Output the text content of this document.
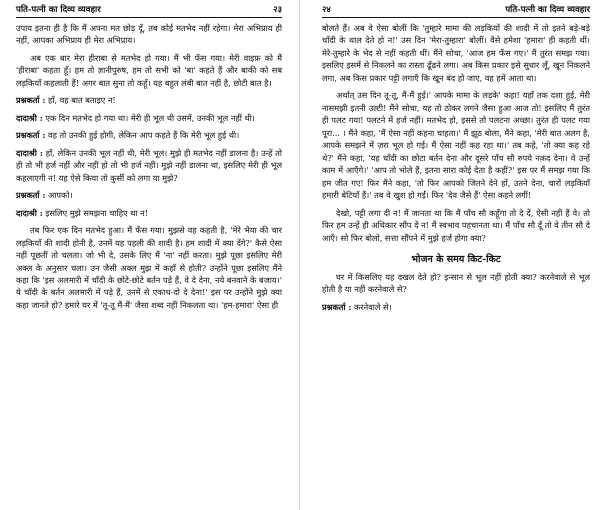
पति-पत्नी का दिव्य व्यवहार	२३

उपाय इतना ही है कि मैं अपना मत छोड़ दूँ, तब कोई मतभेद नहीं रहेगा। मेरा अभिप्राय ही नहीं, आपका अभिप्राय ही मेरा अभिप्राय।

अब एक बार मेरा हीराबा से मतभेद हो गया। मैं भी फँस गया। मेरी वाइफ़ को मैं 'हीराबा' कहता हूँ। हम तो ज्ञानीपुरुष, हम तो सभी को 'बा' कहते हैं और बाकी को सब लड़कियाँ कहलाती हैं! अगर बात सुना तो कहूँ। यह बहुत लंबी बात नहीं है, छोटी बात है।

प्रश्नकर्ता : हाँ, वह बात बताइए न!

दादाश्री : एक दिन मतभेद हो गया था। मेरी ही भूल थी उसमें, उनकी भूल नहीं थी।

प्रश्नकर्ता : वह तो उनकी हुई होगी, लेकिन आप कहते हैं कि मेरी भूल हुई थी।

दादाश्री : हाँ, लेकिन उनकी भूल नहीं थी, मेरी भूल। मुझे ही मतभेद नहीं डालना है। उन्हें तो ही तो भी हर्ज नहीं और नहीं हो तो भी हर्ज नहीं। मुझे नहीं डालना था, इसलिए मेरी ही भूल कहलाएगी न! यह ऐसे किया तो कुर्सी को लगा या मुझे?

प्रश्नकर्ता : आपको।

दादाश्री : इसलिए मुझे समझना चाहिए था न!

तब फिर एक दिन मतभेद हुआ। मैं फँस गया। मुझसे वह कहती है, 'मेरे भैया की चार लड़कियाँ की शादी होनी है, उनमें यह पहली की शादी है। हम शादी में क्या देंगे?' कैसे ऐसा नहीं पूछतीं तो चलता। जो भी दे, उसके लिए मैं 'ना' नहीं करता। मुझे पूछा इसलिए मेरी अक्ल के अनुसार चला। उन जैसी अक्ल मुझ में कहाँ से होती? उन्होंने पूछा इसलिए मैंने कहा कि 'इस अलमारी में चाँदी के छोटे-छोटे बर्तन पड़े हैं, वे दे देना, नये बनवाने के बजाय।' ये चाँदी के बर्तन अलमारी में पड़े हैं, उनमें से एकाध-दो दे देना!' इस पर उन्होंने मुझे क्या कहा जानते हो? हमारे घर में 'तू-तू मैं-मैं' जैसा शब्द नहीं निकलता था। 'हम-हमारा' ऐसा ही

२४	पति-पत्नी का दिव्य व्यवहार

बोलते हैं। अब वे ऐसा बोलीं कि 'तुम्हारे मामा की लड़कियों की शादी में तो इतने बड़े-बड़े चाँदी के थाल देते हो न!' उस दिन 'मेरा-तुम्हारा' बोलीं। वैसे हमेशा 'हमारा' ही कहती थीं। मेरे-तुम्हारे के भेद से नहीं कहती थीं। मैंने सोचा, 'आज हम फँस गए।' मैं तुरंत समझ गया। इसलिए इसमें से निकलने का रास्ता ढूँढने लगा। अब किस प्रकार इसे सुधार लूँ, खून निकलने लगा, अब किस प्रकार पट्टी लगाएँ कि खून बंद हो जाए, वह हमें आता था।

अर्थात् उस दिन तू-तू, मैं-मैं हुई।' आपके मामा के लड़के' कहा! यहाँ तक दशा हुई, मेरी नासमझी इतनी उल्टी! मैंने सोचा, यह तो ठोकर लगने जैसा हुआ आज तो! इसलिए मैं तुरंत ही पलट गया! पलटने में हर्ज नहीं। मतभेद हो, इससे तो पलटना अच्छा। तुरंत ही पलट गया पूरा... । मैंने कहा, 'मैं ऐसा नहीं कहना चाहता।' मैं झूठ बोला, मैंने कहा, 'मेरी बात अलग है, आपके समझने में ज़रा भूल हो गई। मैं ऐसा नहीं कह रहा था।' तब कहे, 'तो क्या कह रहे थे?' मैंने कहा, 'यह चाँदी का छोटा बर्तन देना और दूसरे पाँच सौ रुपये नक़द देना। वे उन्हें काम में आएँगे।' 'आप तो भोले हैं, इतना सारा कोई देता है कहीं?' इस पर मैं समझ गया कि हम जीत गए! फिर मैंने कहा, 'तो फिर आपको जितने देने हों, उतने देना, चारों लड़कियाँ हमारी बेटियाँ हैं।' तब वे खुश हो गईं। फिर 'देव जैसे हैं' ऐसा कहने लगीं!

देखो, पट्टी लगा दी न! मैं जानता था कि मैं पाँच सौ कहूँगा तो दे दें, ऐसी नहीं हैं वे। तो फिर हम उन्हें ही अधिकार सौंप दें न! मैं स्वभाव पहचानता था। मैं पाँच सौ दूँ तो वे तीन सौ दे आएँ। सो फिर बोलो, सत्ता सौंपने में मुझे हर्ज होगा क्या?

भोजन के समय किट-किट

घर में किसलिए यह दखल देते हो? इन्सान से भूल नहीं होती क्या? करनेवाले से भूल होती है या नहीं करनेवाले से?

प्रश्नकर्ता : करनेवाले से।
